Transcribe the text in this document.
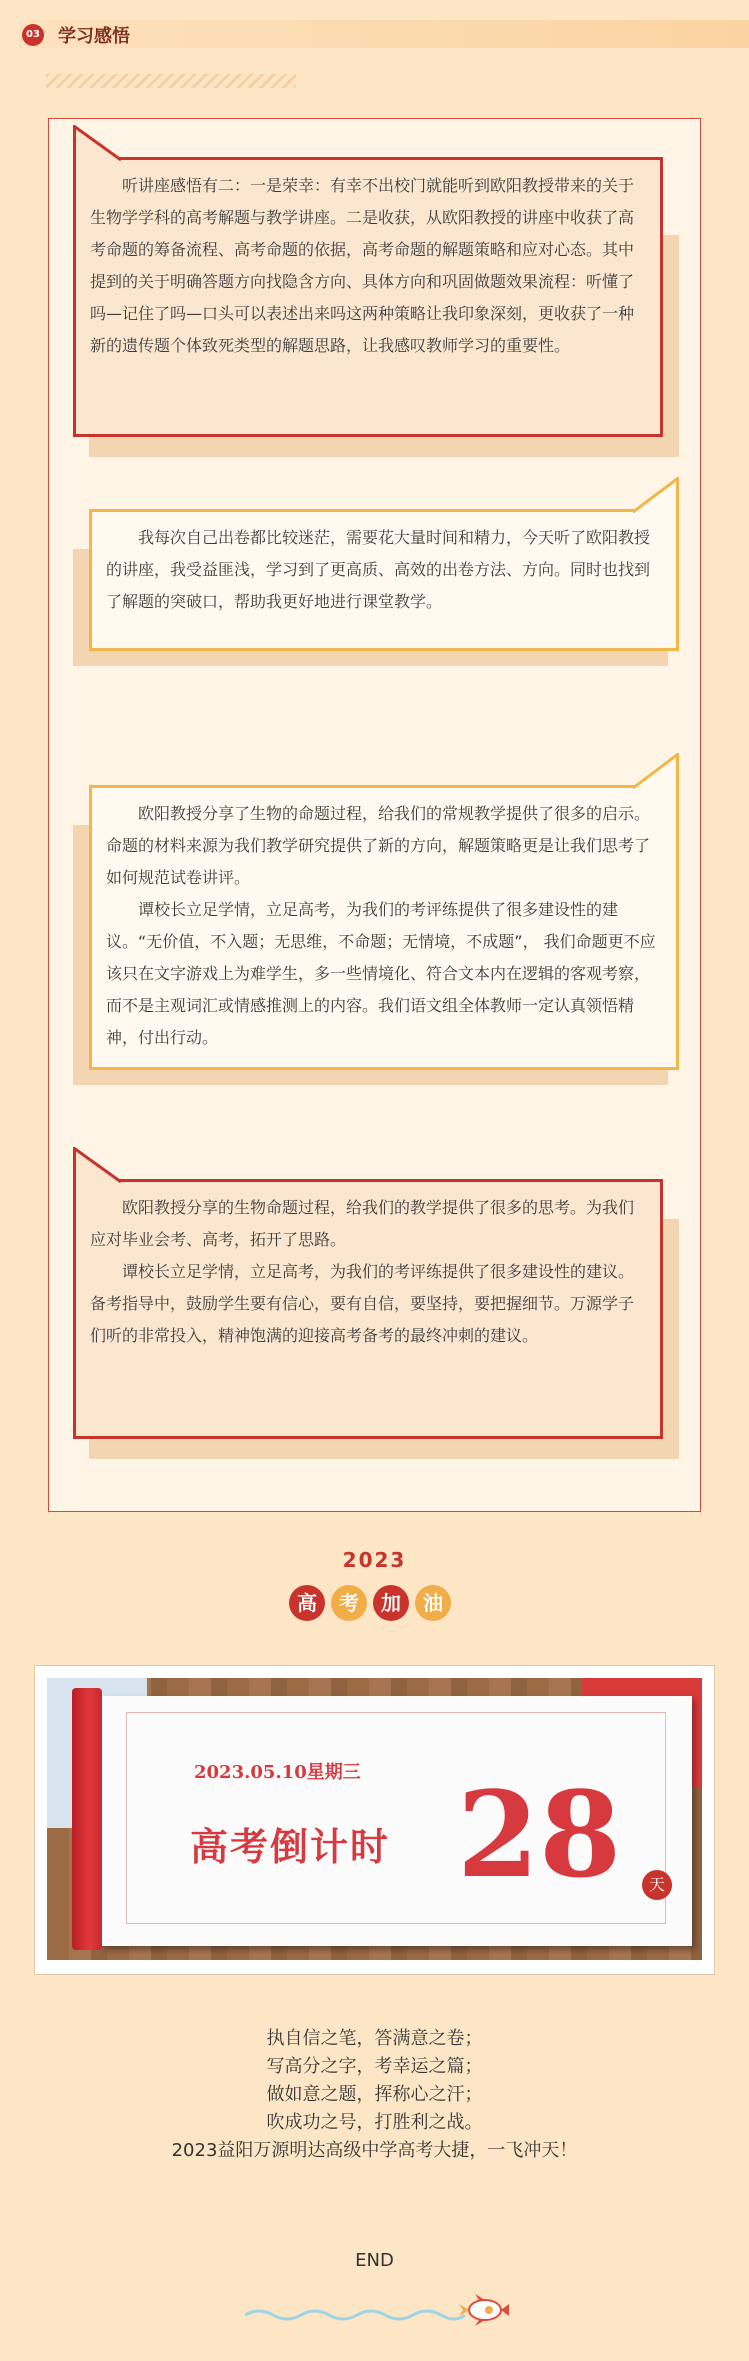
03 学习感悟

听讲座感悟有二：一是荣幸：有幸不出校门就能听到欧阳教授带来的关于生物学学科的高考解题与教学讲座。二是收获，从欧阳教授的讲座中收获了高考命题的筹备流程、高考命题的依据，高考命题的解题策略和应对心态。其中提到的关于明确答题方向找隐含方向、具体方向和巩固做题效果流程：听懂了吗—记住了吗—口头可以表述出来吗这两种策略让我印象深刻，更收获了一种新的遗传题个体致死类型的解题思路，让我感叹教师学习的重要性。

我每次自己出卷都比较迷茫，需要花大量时间和精力，今天听了欧阳教授的讲座，我受益匪浅，学习到了更高质、高效的出卷方法、方向。同时也找到了解题的突破口，帮助我更好地进行课堂教学。

欧阳教授分享了生物的命题过程，给我们的常规教学提供了很多的启示。命题的材料来源为我们教学研究提供了新的方向，解题策略更是让我们思考了如何规范试卷讲评。

谭校长立足学情，立足高考，为我们的考评练提供了很多建设性的建议。“无价值，不入题；无思维，不命题；无情境，不成题”， 我们命题更不应该只在文字游戏上为难学生，多一些情境化、符合文本内在逻辑的客观考察，而不是主观词汇或情感推测上的内容。我们语文组全体教师一定认真领悟精神，付出行动。

欧阳教授分享的生物命题过程，给我们的教学提供了很多的思考。为我们应对毕业会考、高考，拓开了思路。

谭校长立足学情，立足高考，为我们的考评练提供了很多建设性的建议。备考指导中，鼓励学生要有信心，要有自信，要坚持，要把握细节。万源学子们听的非常投入，精神饱满的迎接高考备考的最终冲刺的建议。

2023
高	考	加	油
2023.05.10星期三
高考倒计时 28	天
执自信之笔，答满意之卷；
写高分之字，考幸运之篇；
做如意之题，挥称心之汗；
吹成功之号，打胜利之战。
2023益阳万源明达高级中学高考大捷，一飞冲天！
END
